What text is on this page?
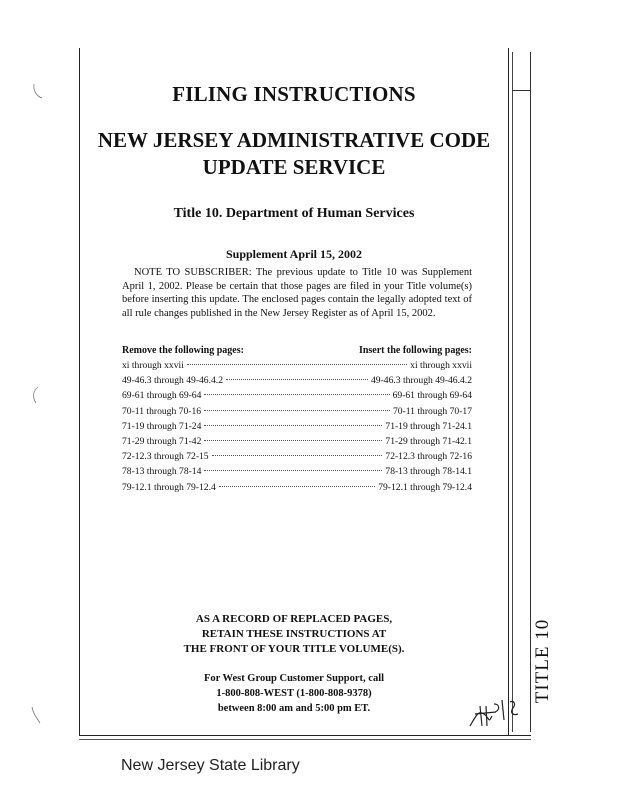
FILING INSTRUCTIONS
NEW JERSEY ADMINISTRATIVE CODE
UPDATE SERVICE
Title 10. Department of Human Services
Supplement April 15, 2002
NOTE TO SUBSCRIBER: The previous update to Title 10 was Supplement April 1, 2002. Please be certain that those pages are filed in your Title volume(s) before inserting this update. The enclosed pages contain the legally adopted text of all rule changes published in the New Jersey Register as of April 15, 2002.
Remove the following pages:	Insert the following pages:
xi through xxvii	xi through xxvii
49-46.3 through 49-46.4.2	49-46.3 through 49-46.4.2
69-61 through 69-64	69-61 through 69-64
70-11 through 70-16	70-11 through 70-17
71-19 through 71-24	71-19 through 71-24.1
71-29 through 71-42	71-29 through 71-42.1
72-12.3 through 72-15	72-12.3 through 72-16
78-13 through 78-14	78-13 through 78-14.1
79-12.1 through 79-12.4	79-12.1 through 79-12.4
AS A RECORD OF REPLACED PAGES,
RETAIN THESE INSTRUCTIONS AT
THE FRONT OF YOUR TITLE VOLUME(S).
For West Group Customer Support, call
1-800-808-WEST (1-800-808-9378)
between 8:00 am and 5:00 pm ET.
TITLE 10
New Jersey State Library
